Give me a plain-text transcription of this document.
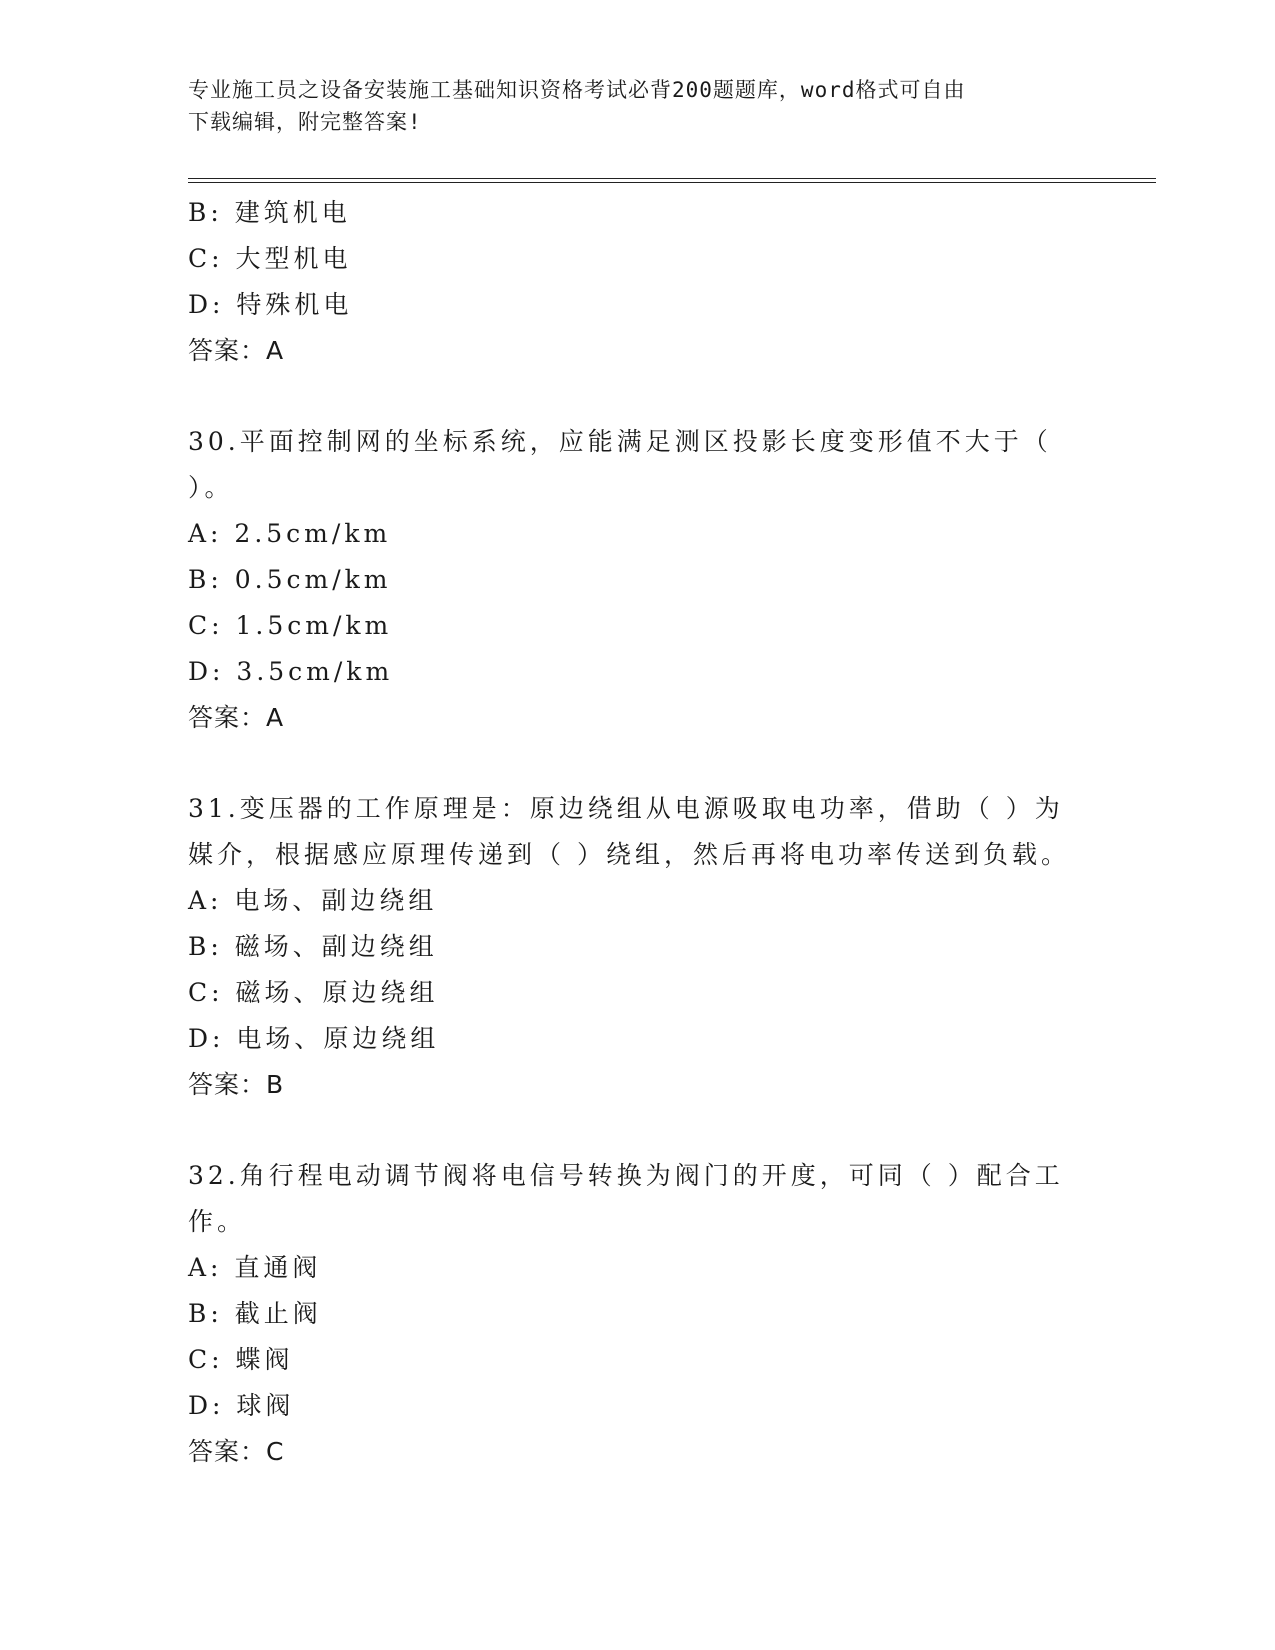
专业施工员之设备安装施工基础知识资格考试必背200题题库，word格式可自由
下载编辑，附完整答案!
B: 建筑机电
C: 大型机电
D: 特殊机电
答案：A
30.平面控制网的坐标系统，应能满足测区投影长度变形值不大于（
）。
A: 2.5cm/km
B: 0.5cm/km
C: 1.5cm/km
D: 3.5cm/km
答案：A
31.变压器的工作原理是：原边绕组从电源吸取电功率，借助（ ）为
媒介，根据感应原理传递到（ ）绕组，然后再将电功率传送到负载。
A: 电场、副边绕组
B: 磁场、副边绕组
C: 磁场、原边绕组
D: 电场、原边绕组
答案：B
32.角行程电动调节阀将电信号转换为阀门的开度，可同（ ）配合工
作。
A: 直通阀
B: 截止阀
C: 蝶阀
D: 球阀
答案：C
